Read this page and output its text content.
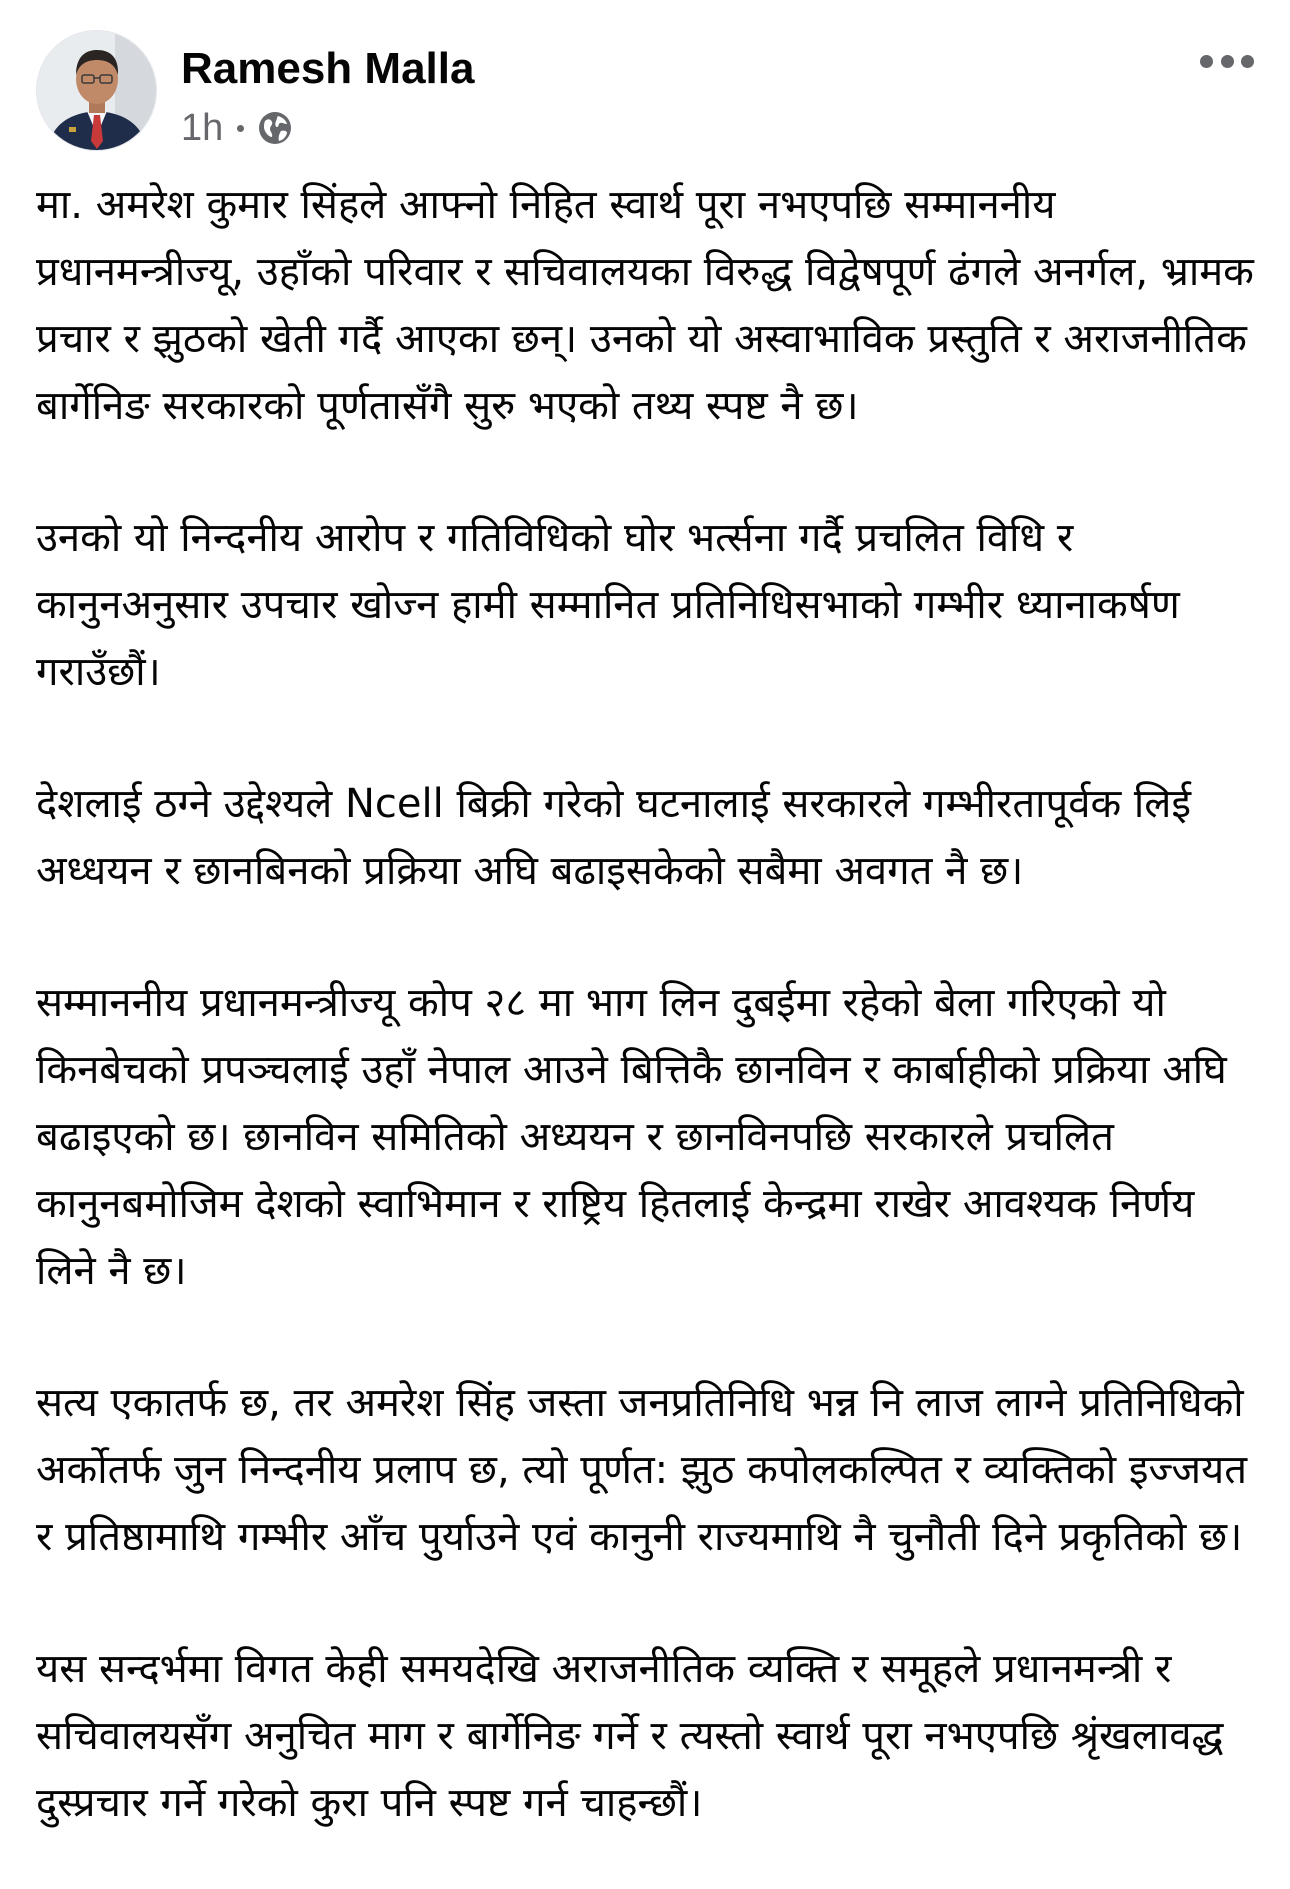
Ramesh Malla
1h

मा. अमरेश कुमार सिंहले आफ्नो निहित स्वार्थ पूरा नभएपछि सम्माननीय प्रधानमन्त्रीज्यू, उहाँको परिवार र सचिवालयका विरुद्ध विद्वेषपूर्ण ढंगले अनर्गल, भ्रामक प्रचार र झुठको खेती गर्दै आएका छन्। उनको यो अस्वाभाविक प्रस्तुति र अराजनीतिक बार्गेनिङ सरकारको पूर्णतासँगै सुरु भएको तथ्य स्पष्ट नै छ।

उनको यो निन्दनीय आरोप र गतिविधिको घोर भर्त्सना गर्दै प्रचलित विधि र कानुनअनुसार उपचार खोज्न हामी सम्मानित प्रतिनिधिसभाको गम्भीर ध्यानाकर्षण गराउँछौं।

देशलाई ठग्ने उद्देश्यले Ncell बिक्री गरेको घटनालाई सरकारले गम्भीरतापूर्वक लिई अध्धयन र छानबिनको प्रक्रिया अघि बढाइसकेको सबैमा अवगत नै छ।

सम्माननीय प्रधानमन्त्रीज्यू कोप २८ मा भाग लिन दुबईमा रहेको बेला गरिएको यो किनबेचको प्रपञ्चलाई उहाँ नेपाल आउने बित्तिकै छानविन र कार्बाहीको प्रक्रिया अघि बढाइएको छ। छानविन समितिको अध्ययन र छानविनपछि सरकारले प्रचलित कानुनबमोजिम देशको स्वाभिमान र राष्ट्रिय हितलाई केन्द्रमा राखेर आवश्यक निर्णय लिने नै छ।

सत्य एकातर्फ छ, तर अमरेश सिंह जस्ता जनप्रतिनिधि भन्न नि लाज लाग्ने प्रतिनिधिको अर्कोतर्फ जुन निन्दनीय प्रलाप छ, त्यो पूर्णत: झुठ कपोलकल्पित र व्यक्तिको इज्जयत र प्रतिष्ठामाथि गम्भीर आँच पुर्याउने एवं कानुनी राज्यमाथि नै चुनौती दिने प्रकृतिको छ।

यस सन्दर्भमा विगत केही समयदेखि अराजनीतिक व्यक्ति र समूहले प्रधानमन्त्री र सचिवालयसँग अनुचित माग र बार्गेनिङ गर्ने र त्यस्तो स्वार्थ पूरा नभएपछि श्रृंखलावद्ध दुस्प्रचार गर्ने गरेको कुरा पनि स्पष्ट गर्न चाहन्छौं।
